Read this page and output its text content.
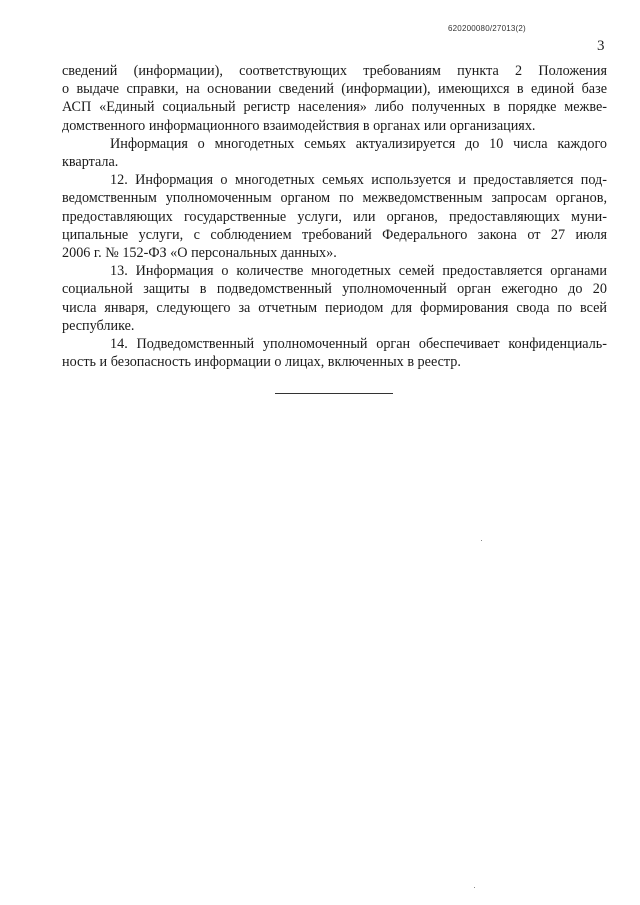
620200080/27013(2)
3
сведений (информации), соответствующих требованиям пункта 2 Положения
о выдаче справки, на основании сведений (информации), имеющихся в единой базе
АСП «Единый социальный регистр населения» либо полученных в порядке межве-
домственного информационного взаимодействия в органах или организациях.
Информация о многодетных семьях актуализируется до 10 числа каждого
квартала.
12. Информация о многодетных семьях используется и предоставляется под-
ведомственным уполномоченным органом по межведомственным запросам органов,
предоставляющих государственные услуги, или органов, предоставляющих муни-
ципальные услуги, с соблюдением требований Федерального закона от 27 июля
2006 г. № 152-ФЗ «О персональных данных».
13. Информация о количестве многодетных семей предоставляется органами
социальной защиты в подведомственный уполномоченный орган ежегодно до 20
числа января, следующего за отчетным периодом для формирования свода по всей
республике.
14. Подведомственный уполномоченный орган обеспечивает конфиденциаль-
ность и безопасность информации о лицах, включенных в реестр.
